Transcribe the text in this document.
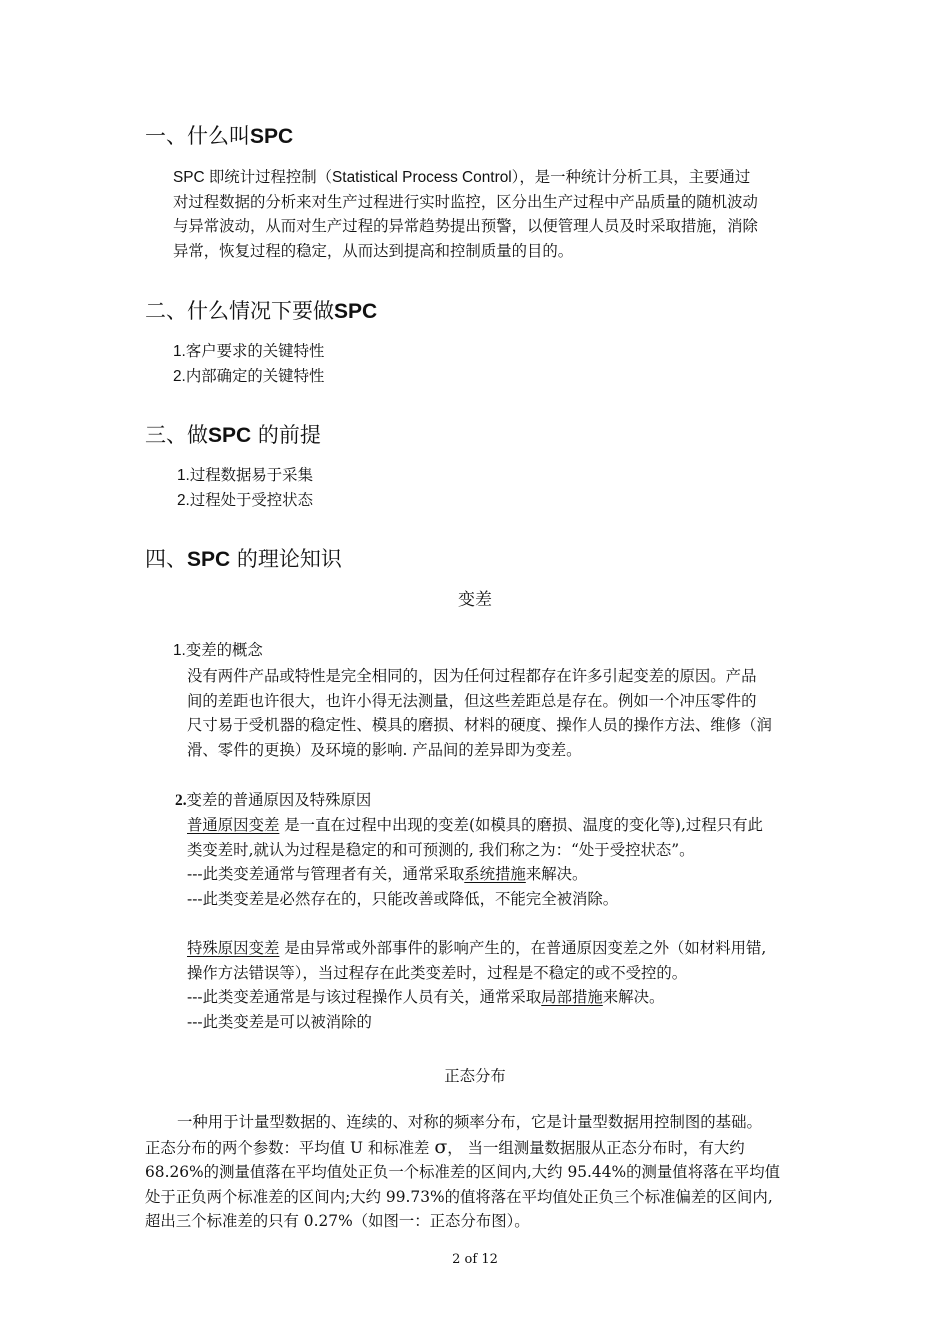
一、什么叫SPC
SPC 即统计过程控制（Statistical Process Control），是一种统计分析工具，主要通过
对过程数据的分析来对生产过程进行实时监控，区分出生产过程中产品质量的随机波动
与异常波动，从而对生产过程的异常趋势提出预警，以便管理人员及时采取措施，消除
异常，恢复过程的稳定，从而达到提高和控制质量的目的。
二、什么情况下要做SPC
1.客户要求的关键特性
2.内部确定的关键特性
三、做SPC 的前提
1.过程数据易于采集
2.过程处于受控状态
四、SPC 的理论知识
变差
1.变差的概念
没有两件产品或特性是完全相同的，因为任何过程都存在许多引起变差的原因。产品
间的差距也许很大，也许小得无法测量，但这些差距总是存在。例如一个冲压零件的
尺寸易于受机器的稳定性、模具的磨损、材料的硬度、操作人员的操作方法、维修（润
滑、零件的更换）及环境的影响. 产品间的差异即为变差。
2.变差的普通原因及特殊原因
普通原因变差 是一直在过程中出现的变差(如模具的磨损、温度的变化等),过程只有此
类变差时,就认为过程是稳定的和可预测的, 我们称之为：“处于受控状态”。
---此类变差通常与管理者有关，通常采取系统措施来解决。
---此类变差是必然存在的，只能改善或降低，不能完全被消除。
特殊原因变差 是由异常或外部事件的影响产生的，在普通原因变差之外（如材料用错,
操作方法错误等），当过程存在此类变差时，过程是不稳定的或不受控的。
---此类变差通常是与该过程操作人员有关，通常采取局部措施来解决。
---此类变差是可以被消除的
正态分布
一种用于计量型数据的、连续的、对称的频率分布，它是计量型数据用控制图的基础。
正态分布的两个参数：平均值 U 和标准差 σ， 当一组测量数据服从正态分布时，有大约
68.26%的测量值落在平均值处正负一个标准差的区间内,大约 95.44%的测量值将落在平均值
处于正负两个标准差的区间内;大约 99.73%的值将落在平均值处正负三个标准偏差的区间内,
超出三个标准差的只有 0.27%（如图一：正态分布图）。
2 of 12
